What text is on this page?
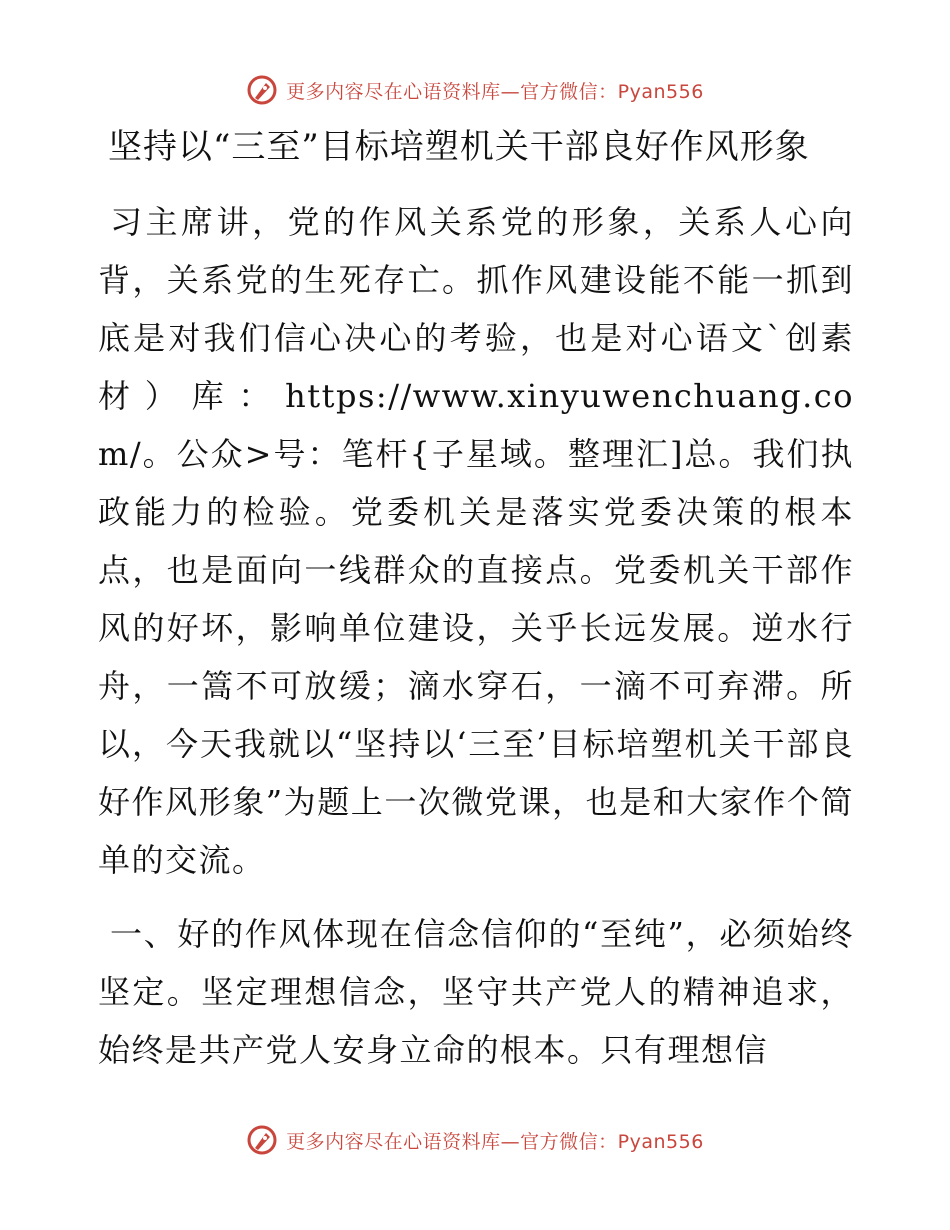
更多内容尽在心语资料库—官方微信：Pyan556
坚持以“三至”目标培塑机关干部良好作风形象

习主席讲，党的作风关系党的形象，关系人心向背，关系党的生死存亡。抓作风建设能不能一抓到底是对我们信心决心的考验，也是对心语文`创素材）库：https://www.xinyuwenchuang.com/。公众>号：笔杆{子星域。整理汇]总。我们执政能力的检验。党委机关是落实党委决策的根本点，也是面向一线群众的直接点。党委机关干部作风的好坏，影响单位建设，关乎长远发展。逆水行舟，一篙不可放缓；滴水穿石，一滴不可弃滞。所以，今天我就以“坚持以‘三至’目标培塑机关干部良好作风形象”为题上一次微党课，也是和大家作个简单的交流。

一、好的作风体现在信念信仰的“至纯”，必须始终坚定。坚定理想信念，坚守共产党人的精神追求，始终是共产党人安身立命的根本。只有理想信

更多内容尽在心语资料库—官方微信：Pyan556
